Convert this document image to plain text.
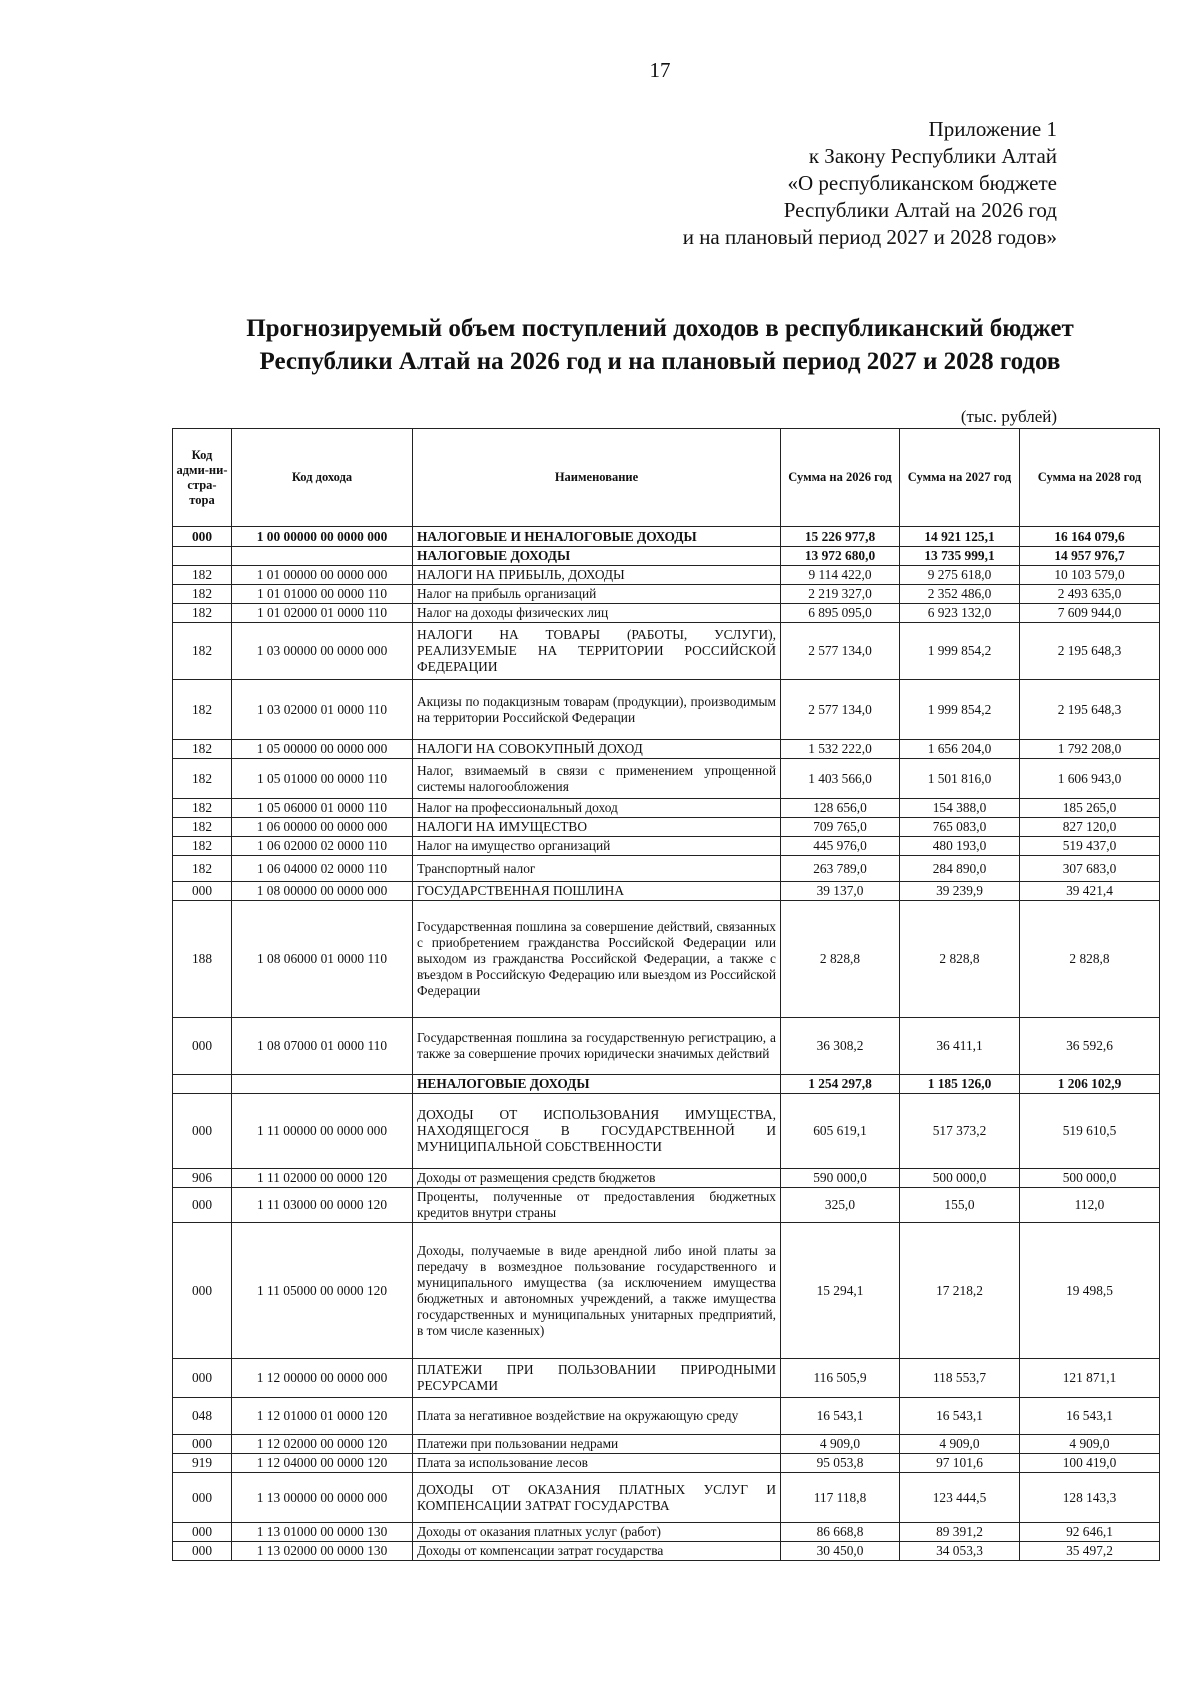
17
Приложение 1
к Закону Республики Алтай
«О республиканском бюджете
Республики Алтай на 2026 год
и на плановый период 2027 и 2028 годов»
Прогнозируемый объем поступлений доходов в республиканский бюджет
Республики Алтай на 2026 год и на плановый период 2027 и 2028 годов
(тыс. рублей)
Код адми-ни-стра-тора	Код дохода	Наименование	Сумма на 2026 год	Сумма на 2027 год	Сумма на 2028 год
000	1 00 00000 00 0000 000	НАЛОГОВЫЕ И НЕНАЛОГОВЫЕ ДОХОДЫ	15 226 977,8	14 921 125,1	16 164 079,6
		НАЛОГОВЫЕ ДОХОДЫ	13 972 680,0	13 735 999,1	14 957 976,7
182	1 01 00000 00 0000 000	НАЛОГИ НА ПРИБЫЛЬ, ДОХОДЫ	9 114 422,0	9 275 618,0	10 103 579,0
182	1 01 01000 00 0000 110	Налог на прибыль организаций	2 219 327,0	2 352 486,0	2 493 635,0
182	1 01 02000 01 0000 110	Налог на доходы физических лиц	6 895 095,0	6 923 132,0	7 609 944,0
182	1 03 00000 00 0000 000	НАЛОГИ НА ТОВАРЫ (РАБОТЫ, УСЛУГИ), РЕАЛИЗУЕМЫЕ НА ТЕРРИТОРИИ РОССИЙСКОЙ ФЕДЕРАЦИИ	2 577 134,0	1 999 854,2	2 195 648,3
182	1 03 02000 01 0000 110	Акцизы по подакцизным товарам (продукции), производимым на территории Российской Федерации	2 577 134,0	1 999 854,2	2 195 648,3
182	1 05 00000 00 0000 000	НАЛОГИ НА СОВОКУПНЫЙ ДОХОД	1 532 222,0	1 656 204,0	1 792 208,0
182	1 05 01000 00 0000 110	Налог, взимаемый в связи с применением упрощенной системы налогообложения	1 403 566,0	1 501 816,0	1 606 943,0
182	1 05 06000 01 0000 110	Налог на профессиональный доход	128 656,0	154 388,0	185 265,0
182	1 06 00000 00 0000 000	НАЛОГИ НА ИМУЩЕСТВО	709 765,0	765 083,0	827 120,0
182	1 06 02000 02 0000 110	Налог на имущество организаций	445 976,0	480 193,0	519 437,0
182	1 06 04000 02 0000 110	Транспортный налог	263 789,0	284 890,0	307 683,0
000	1 08 00000 00 0000 000	ГОСУДАРСТВЕННАЯ ПОШЛИНА	39 137,0	39 239,9	39 421,4
188	1 08 06000 01 0000 110	Государственная пошлина за совершение действий, связанных с приобретением гражданства Российской Федерации или выходом из гражданства Российской Федерации, а также с въездом в Российскую Федерацию или выездом из Российской Федерации	2 828,8	2 828,8	2 828,8
000	1 08 07000 01 0000 110	Государственная пошлина за государственную регистрацию, а также за совершение прочих юридически значимых действий	36 308,2	36 411,1	36 592,6
		НЕНАЛОГОВЫЕ ДОХОДЫ	1 254 297,8	1 185 126,0	1 206 102,9
000	1 11 00000 00 0000 000	ДОХОДЫ ОТ ИСПОЛЬЗОВАНИЯ ИМУЩЕСТВА, НАХОДЯЩЕГОСЯ В ГОСУДАРСТВЕННОЙ И МУНИЦИПАЛЬНОЙ СОБСТВЕННОСТИ	605 619,1	517 373,2	519 610,5
906	1 11 02000 00 0000 120	Доходы от размещения средств бюджетов	590 000,0	500 000,0	500 000,0
000	1 11 03000 00 0000 120	Проценты, полученные от предоставления бюджетных кредитов внутри страны	325,0	155,0	112,0
000	1 11 05000 00 0000 120	Доходы, получаемые в виде арендной либо иной платы за передачу в возмездное пользование государственного и муниципального имущества (за исключением имущества бюджетных и автономных учреждений, а также имущества государственных и муниципальных унитарных предприятий, в том числе казенных)	15 294,1	17 218,2	19 498,5
000	1 12 00000 00 0000 000	ПЛАТЕЖИ ПРИ ПОЛЬЗОВАНИИ ПРИРОДНЫМИ РЕСУРСАМИ	116 505,9	118 553,7	121 871,1
048	1 12 01000 01 0000 120	Плата за негативное воздействие на окружающую среду	16 543,1	16 543,1	16 543,1
000	1 12 02000 00 0000 120	Платежи при пользовании недрами	4 909,0	4 909,0	4 909,0
919	1 12 04000 00 0000 120	Плата за использование лесов	95 053,8	97 101,6	100 419,0
000	1 13 00000 00 0000 000	ДОХОДЫ ОТ ОКАЗАНИЯ ПЛАТНЫХ УСЛУГ И КОМПЕНСАЦИИ ЗАТРАТ ГОСУДАРСТВА	117 118,8	123 444,5	128 143,3
000	1 13 01000 00 0000 130	Доходы от оказания платных услуг (работ)	86 668,8	89 391,2	92 646,1
000	1 13 02000 00 0000 130	Доходы от компенсации затрат государства	30 450,0	34 053,3	35 497,2
